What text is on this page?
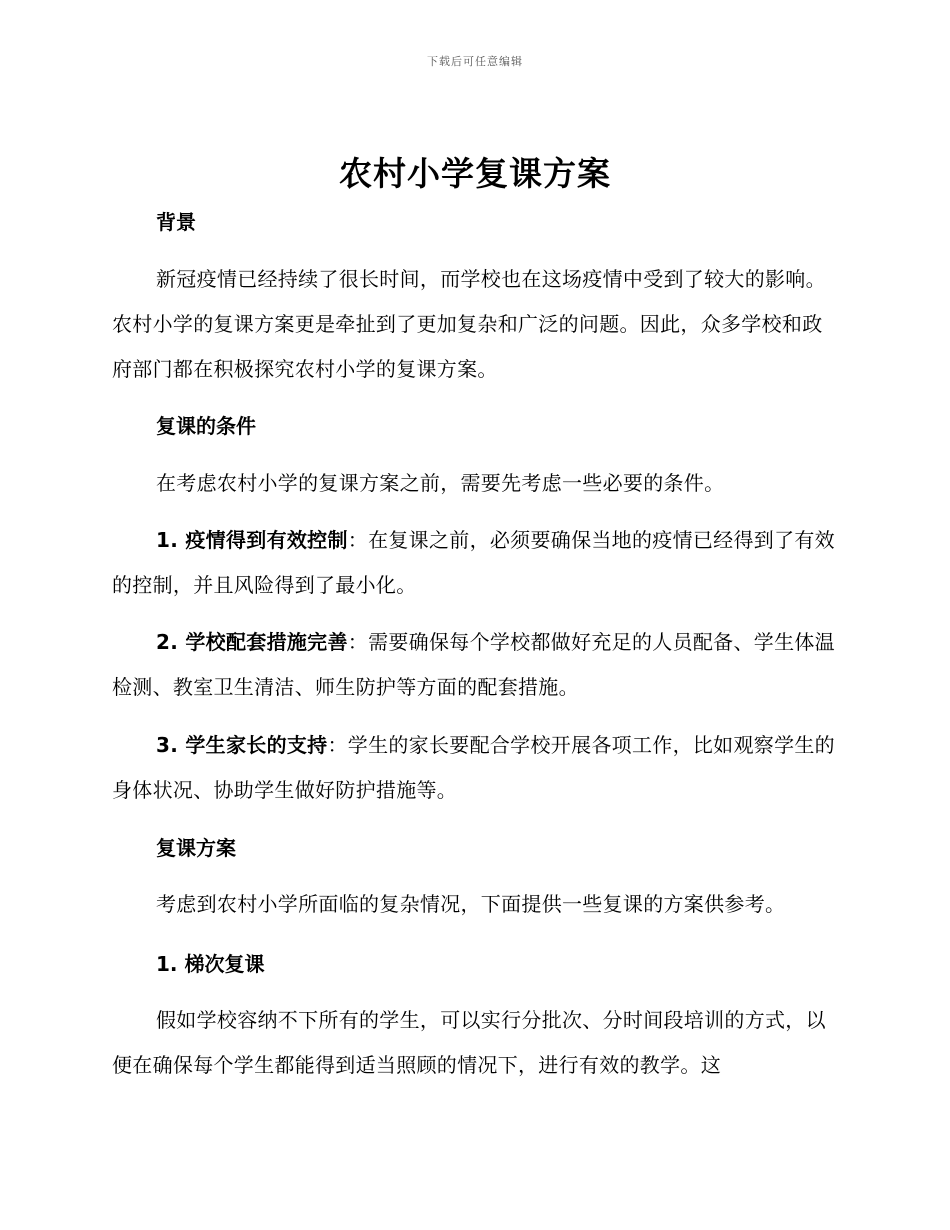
下载后可任意编辑
农村小学复课方案
背景
新冠疫情已经持续了很长时间，而学校也在这场疫情中受到了较大的影响。农村小学的复课方案更是牵扯到了更加复杂和广泛的问题。因此，众多学校和政府部门都在积极探究农村小学的复课方案。
复课的条件
在考虑农村小学的复课方案之前，需要先考虑一些必要的条件。
1. 疫情得到有效控制：在复课之前，必须要确保当地的疫情已经得到了有效的控制，并且风险得到了最小化。
2. 学校配套措施完善：需要确保每个学校都做好充足的人员配备、学生体温检测、教室卫生清洁、师生防护等方面的配套措施。
3. 学生家长的支持：学生的家长要配合学校开展各项工作，比如观察学生的身体状况、协助学生做好防护措施等。
复课方案
考虑到农村小学所面临的复杂情况，下面提供一些复课的方案供参考。
1. 梯次复课
假如学校容纳不下所有的学生，可以实行分批次、分时间段培训的方式，以便在确保每个学生都能得到适当照顾的情况下，进行有效的教学。这
